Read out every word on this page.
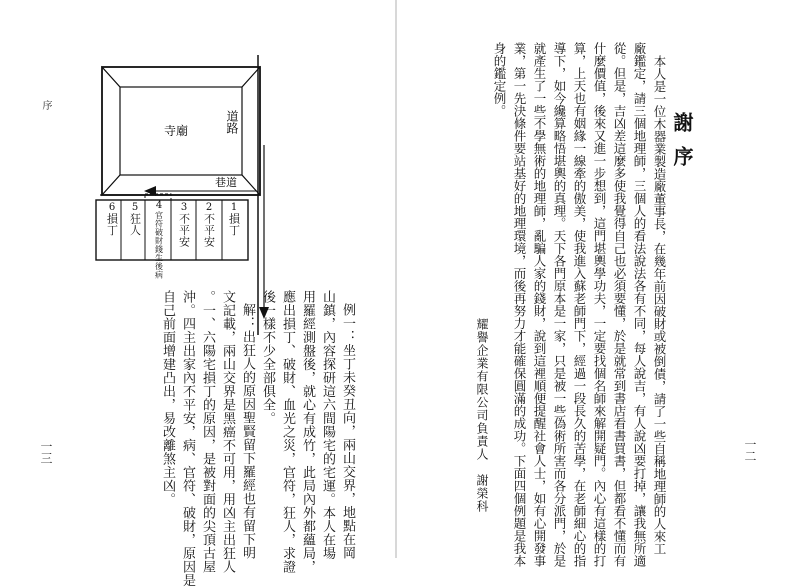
序
一三
寺廟	道路
巷道
6
損丁
5
狂人
4
官符破財錢生後病
3
不平安
2
不平安
1
損丁
例一：坐丁未癸丑向，兩山交界，地點在岡
山鎮，內容探研這六間陽宅的宅運。本人在場
用羅經測盤後，就心有成竹，此局內外都蘊局，
應出損丁、破財、血光之災，官符，狂人，求證
後一樣不少全部俱全。
解：出狂人的原因聖賢留下羅經也有留下明
文記載，兩山交界是黑癌不可用，用凶主出狂人
。一、六陽宅損丁的原因，是被對面的尖頂古屋
沖。四主出家內不平安，病、官符、破財，原因是
自己前面增建凸出，易改離煞主凶。
謝序
一二
本人是一位木器業製造廠董事長，在幾年前因破財或被倒債，請了一些自稱地理師的人來工
廠鑑定，請三個地理師，三個人的看法說法各有不同，每人說吉，有人說凶要打掉，讓我無所適
從。但是，吉凶差這麼多使我覺得自己也必須要懂，於是就常到書店看書買書，但都看不懂而有
什麼價值，後來又進一步想到，這門堪輿學功夫，一定要找個名師來解開疑門。內心有這樣的打
算，上天也有姻緣一線牽的傲美，使我進入蘇老師門下，經過一段長久的苦學，在老師細心的指
導下，如今纔算略悟堪輿的真理。天下各門原本是一家，只是被一些偽術所害而各分派門，於是
就產生了一些不學無術的地理師，亂騙人家的錢財，說到這裡順便提醒社會人士，如有心開發事
業，第一先決條件要站基好的地理環境，而後再努力才能確保圓滿的成功。下面四個例題是我本
身的鑑定例。
耀譽企業有限公司負責人　謝榮科
